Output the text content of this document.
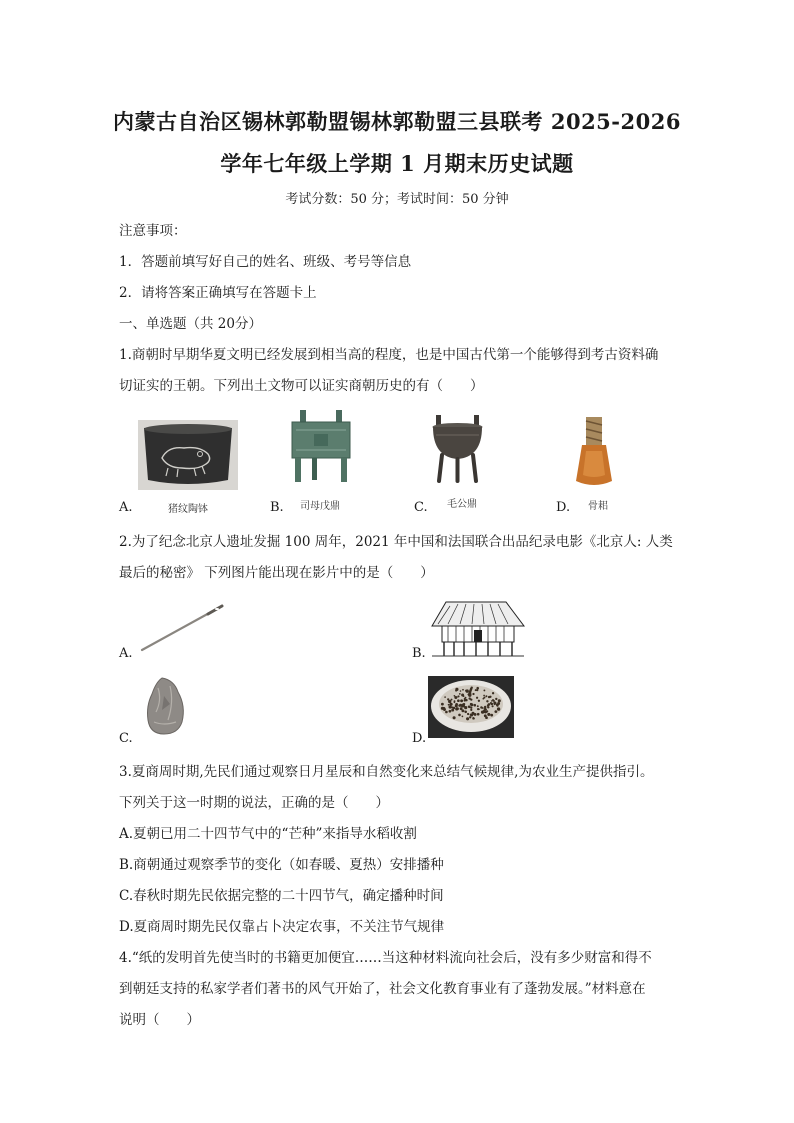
内蒙古自治区锡林郭勒盟锡林郭勒盟三县联考 2025-2026
学年七年级上学期 1 月期末历史试题
考试分数：50 分；考试时间：50 分钟
注意事项：
1．答题前填写好自己的姓名、班级、考号等信息
2．请将答案正确填写在答题卡上
一、单选题（共 20分）
1.商朝时早期华夏文明已经发展到相当高的程度，也是中国古代第一个能够得到考古资料确
切证实的王朝。下列出土文物可以证实商朝历史的有（　　）
A.	猪纹陶钵	B. 司母戊鼎	C. 毛公鼎	D. 骨耜
2.为了纪念北京人遗址发掘 100 周年，2021 年中国和法国联合出品纪录电影《北京人: 人类
最后的秘密》 下列图片能出现在影片中的是（　　）
A.	B.
C.	D.
3.夏商周时期,先民们通过观察日月星辰和自然变化来总结气候规律,为农业生产提供指引。
下列关于这一时期的说法，正确的是（　　）
A.夏朝已用二十四节气中的“芒种”来指导水稻收割
B.商朝通过观察季节的变化（如春暖、夏热）安排播种
C.春秋时期先民依据完整的二十四节气，确定播种时间
D.夏商周时期先民仅靠占卜决定农事，不关注节气规律
4.“纸的发明首先使当时的书籍更加便宜……当这种材料流向社会后，没有多少财富和得不
到朝廷支持的私家学者们著书的风气开始了，社会文化教育事业有了蓬勃发展。”材料意在
说明（　　）
